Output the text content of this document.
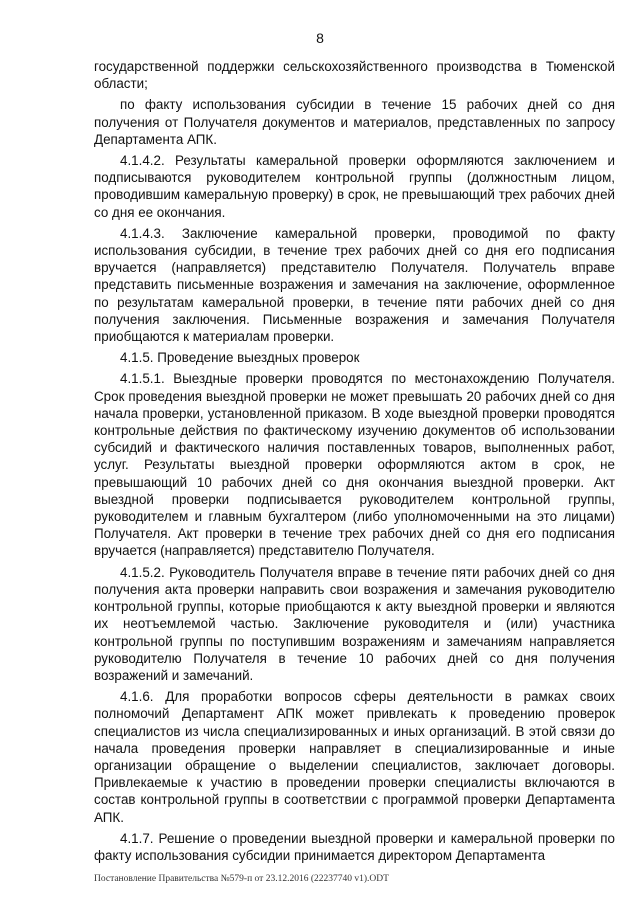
8

государственной поддержки сельскохозяйственного производства в Тюменской области;

по факту использования субсидии в течение 15 рабочих дней со дня получения от Получателя документов и материалов, представленных по запросу Департамента АПК.

4.1.4.2. Результаты камеральной проверки оформляются заключением и подписываются руководителем контрольной группы (должностным лицом, проводившим камеральную проверку) в срок, не превышающий трех рабочих дней со дня ее окончания.

4.1.4.3. Заключение камеральной проверки, проводимой по факту использования субсидии, в течение трех рабочих дней со дня его подписания вручается (направляется) представителю Получателя. Получатель вправе представить письменные возражения и замечания на заключение, оформленное по результатам камеральной проверки, в течение пяти рабочих дней со дня получения заключения. Письменные возражения и замечания Получателя приобщаются к материалам проверки.

4.1.5. Проведение выездных проверок

4.1.5.1. Выездные проверки проводятся по местонахождению Получателя. Срок проведения выездной проверки не может превышать 20 рабочих дней со дня начала проверки, установленной приказом. В ходе выездной проверки проводятся контрольные действия по фактическому изучению документов об использовании субсидий и фактического наличия поставленных товаров, выполненных работ, услуг. Результаты выездной проверки оформляются актом в срок, не превышающий 10 рабочих дней со дня окончания выездной проверки. Акт выездной проверки подписывается руководителем контрольной группы, руководителем и главным бухгалтером (либо уполномоченными на это лицами) Получателя. Акт проверки в течение трех рабочих дней со дня его подписания вручается (направляется) представителю Получателя.

4.1.5.2. Руководитель Получателя вправе в течение пяти рабочих дней со дня получения акта проверки направить свои возражения и замечания руководителю контрольной группы, которые приобщаются к акту выездной проверки и являются их неотъемлемой частью. Заключение руководителя и (или) участника контрольной группы по поступившим возражениям и замечаниям направляется руководителю Получателя в течение 10 рабочих дней со дня получения возражений и замечаний.

4.1.6. Для проработки вопросов сферы деятельности в рамках своих полномочий Департамент АПК может привлекать к проведению проверок специалистов из числа специализированных и иных организаций. В этой связи до начала проведения проверки направляет в специализированные и иные организации обращение о выделении специалистов, заключает договоры. Привлекаемые к участию в проведении проверки специалисты включаются в состав контрольной группы в соответствии с программой проверки Департамента АПК.

4.1.7. Решение о проведении выездной проверки и камеральной проверки по факту использования субсидии принимается директором Департамента

Постановление Правительства №579-п от 23.12.2016 (22237740 v1).ODT
